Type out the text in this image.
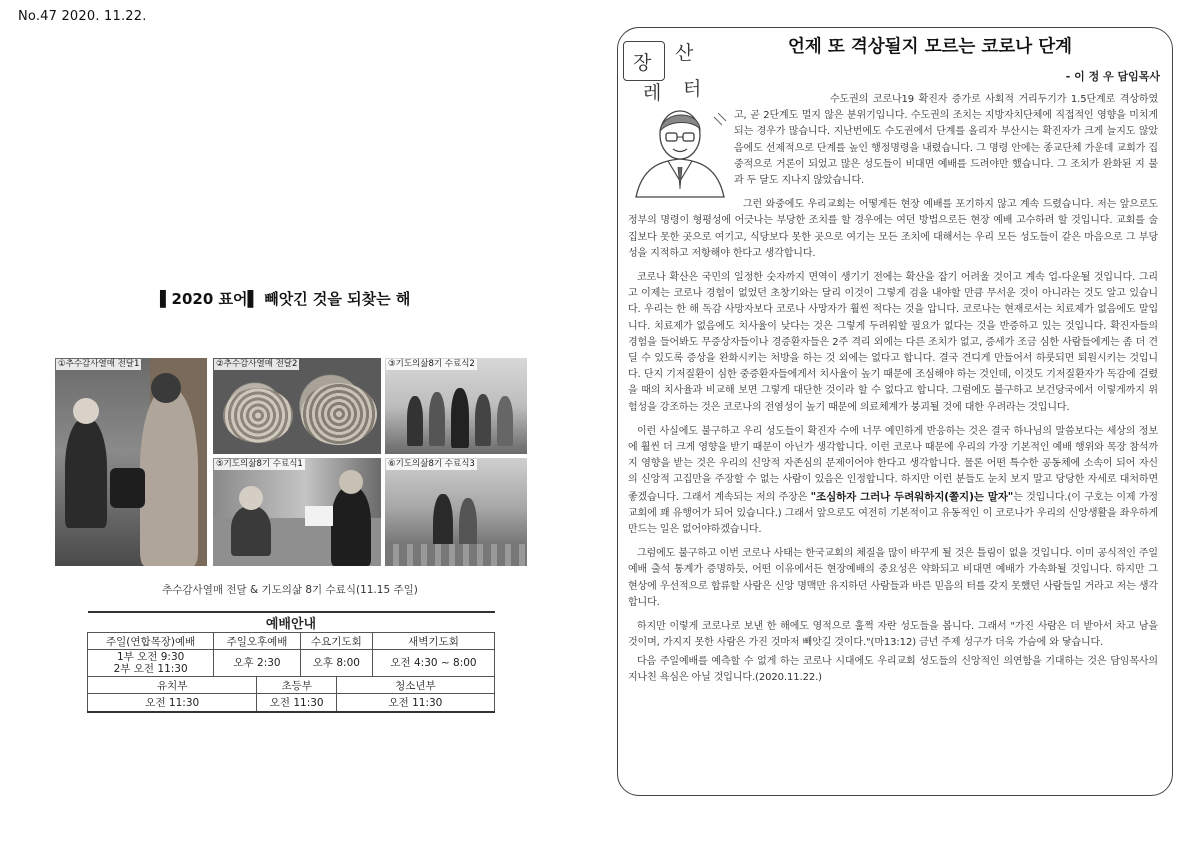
No.47 2020. 11.22.
▌2020 표어▌ 빼앗긴 것을 되찾는 해
①추수감사열매 전달1	②추수감사열매 전달2	③기도의삶8기 수료식2
⑤기도의삶8기 수료식1	⑥기도의삶8기 수료식3
추수감사열매 전달 & 기도의삶 8기 수료식(11.15 주일)
예배안내					
주일(연합목장)예배	주일오후예배		수요기도회		새벽기도회
1부 오전 9:30
2부 오전 11:30	오후 2:30		오후 8:00		오전 4:30 ~ 8:00
유치부		초등부		청소년부	
오전 11:30		오전 11:30		오전 11:30	
장 산
레 터
언제 또 격상될지 모르는 코로나 단계
- 이 정 우 담임목사

수도권의 코로나19 확진자 증가로 사회적 거리두기가 1.5단계로 격상하였고, 곧 2단계도 멀지 않은 분위기입니다. 수도권의 조치는 지방자치단체에 직접적인 영향을 미치게 되는 경우가 많습니다. 지난번에도 수도권에서 단계를 올리자 부산시는 확진자가 크게 늘지도 않았음에도 선제적으로 단계를 높인 행정명령을 내렸습니다. 그 명령 안에는 종교단체 가운데 교회가 집중적으로 거론이 되었고 많은 성도들이 비대면 예배를 드려야만 했습니다. 그 조치가 완화된 지 불과 두 달도 지나지 않았습니다.

그런 와중에도 우리교회는 어떻게든 현장 예배를 포기하지 않고 계속 드렸습니다. 저는 앞으로도 정부의 명령이 형평성에 어긋나는 부당한 조치를 할 경우에는 여던 방법으로든 현장 예배 고수하려 할 것입니다. 교회를 술집보다 못한 곳으로 여기고, 식당보다 못한 곳으로 여기는 모든 조치에 대해서는 우리 모든 성도들이 같은 마음으로 그 부당성을 지적하고 저항해야 한다고 생각합니다.

코로나 확산은 국민의 일정한 숫자까지 면역이 생기기 전에는 확산을 잡기 어려울 것이고 계속 업-다운될 것입니다. 그리고 이제는 코로나 경험이 없었던 초창기와는 달리 이것이 그렇게 검을 내야할 만큼 무서운 것이 아니라는 것도 알고 있습니다. 우리는 한 해 독감 사망자보다 코로나 사망자가 훨씬 적다는 것을 압니다. 코로나는 현재로서는 치료제가 없음에도 말입니다. 치료제가 없음에도 치사율이 낮다는 것은 그렇게 두려워할 필요가 없다는 것을 반증하고 있는 것입니다. 확진자들의 경험을 들어봐도 무증상자들이나 경증환자들은 2주 격리 외에는 다른 조치가 없고, 증세가 조금 심한 사람들에게는 좀 더 견딜 수 있도록 증상을 완화시키는 처방을 하는 것 외에는 없다고 합니다. 결국 견디게 만들어서 하룻되면 퇴원시키는 것입니다. 단지 기저질환이 심한 중증환자들에게서 치사율이 높기 때문에 조심해야 하는 것인데, 이것도 기저질환자가 독감에 걸렸을 때의 치사율과 비교해 보면 그렇게 대단한 것이라 할 수 없다고 합니다. 그럼에도 불구하고 보건당국에서 이렇게까지 위험성을 강조하는 것은 코로나의 전염성이 높기 때문에 의료체계가 붕괴될 것에 대한 우려라는 것입니다.

이런 사실에도 불구하고 우리 성도들이 확진자 수에 너무 예민하게 반응하는 것은 결국 하나님의 말씀보다는 세상의 정보에 훨씬 더 크게 영향을 받기 때문이 아닌가 생각합니다. 이런 코로나 때문에 우리의 가장 기본적인 예배 행위와 목장 참석까지 영향을 받는 것은 우리의 신앙적 자존심의 문제이어야 한다고 생각합니다. 물론 어떤 특수한 공동체에 소속이 되어 자신의 신앙적 고집만을 주장할 수 없는 사람이 있음은 인정합니다. 하지만 이런 분들도 눈치 보지 말고 당당한 자세로 대처하면 좋겠습니다. 그래서 계속되는 저의 주장은 "조심하자 그러나 두려워하지(쫄지)는 말자"는 것입니다.(이 구호는 이제 가정교회에 꽤 유행어가 되어 있습니다.) 그래서 앞으로도 여전히 기본적이고 유동적인 이 코로나가 우리의 신앙생활을 좌우하게 만드는 일은 없어야하겠습니다.

그럼에도 불구하고 이번 코로나 사태는 한국교회의 체질을 많이 바꾸게 될 것은 틀림이 없을 것입니다. 이미 공식적인 주일예배 출석 통계가 증명하듯, 어떤 이유에서든 현장예배의 중요성은 약화되고 비대면 예배가 가속화될 것입니다. 하지만 그 현상에 우선적으로 합류할 사람은 신앙 명맥만 유지하던 사람들과 바른 믿음의 터를 갖지 못했던 사람들일 거라고 저는 생각합니다.

하지만 이렇게 코로나로 보낸 한 해에도 영적으로 훌쩍 자란 성도들을 봅니다. 그래서 "가진 사람은 더 받아서 차고 남을 것이며, 가지지 못한 사람은 가진 것마저 빼앗길 것이다."(마13:12) 금년 주제 성구가 더욱 가슴에 와 닿습니다.

다음 주일예배를 예측할 수 없게 하는 코로나 시대에도 우리교회 성도들의 신앙적인 의연함을 기대하는 것은 담임목사의 지나친 욕심은 아닐 것입니다.(2020.11.22.)
